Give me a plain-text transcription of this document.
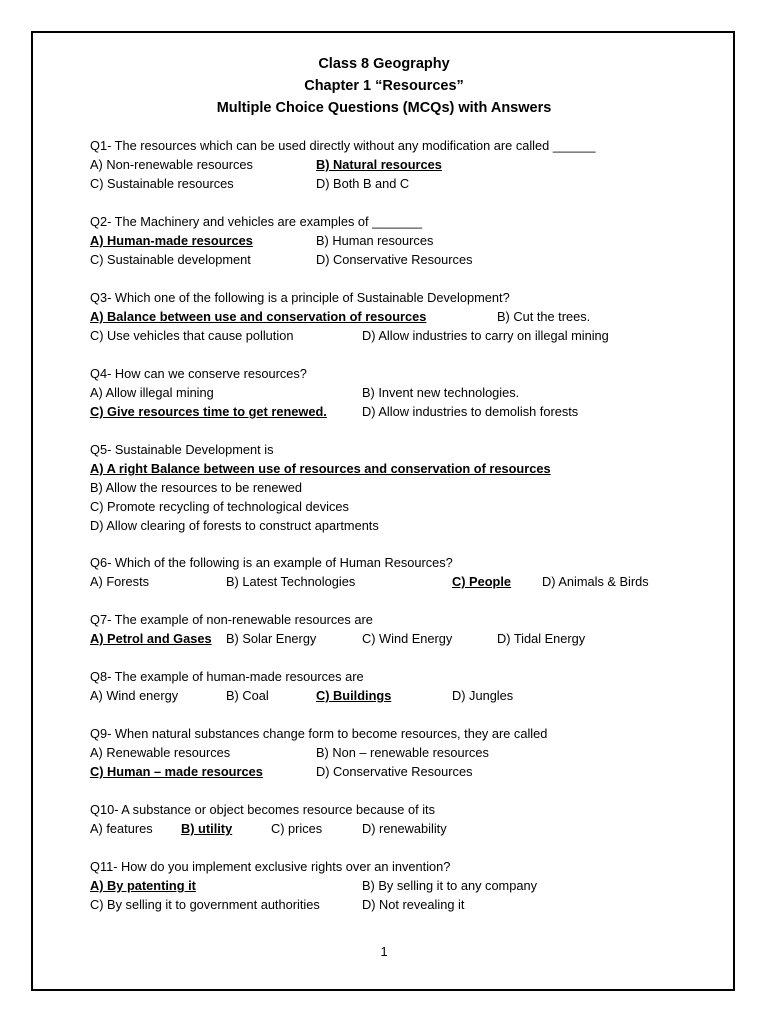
Class 8 Geography
Chapter 1 “Resources”
Multiple Choice Questions (MCQs) with Answers
Q1- The resources which can be used directly without any modification are called ______
A) Non-renewable resources	B) Natural resources
C) Sustainable resources	D) Both B and C
Q2- The Machinery and vehicles are examples of _______
A) Human-made resources	B) Human resources
C) Sustainable development	D) Conservative Resources
Q3- Which one of the following is a principle of Sustainable Development?
A) Balance between use and conservation of resources	B) Cut the trees.
C) Use vehicles that cause pollution	D) Allow industries to carry on illegal mining
Q4- How can we conserve resources?
A) Allow illegal mining	B) Invent new technologies.
C) Give resources time to get renewed.	D) Allow industries to demolish forests
Q5- Sustainable Development is
A) A right Balance between use of resources and conservation of resources
B) Allow the resources to be renewed
C) Promote recycling of technological devices
D) Allow clearing of forests to construct apartments
Q6- Which of the following is an example of Human Resources?
A) Forests	B) Latest Technologies	C) People D) Animals & Birds
Q7- The example of non-renewable resources are
A) Petrol and Gases B) Solar Energy	C) Wind Energy	D) Tidal Energy
Q8- The example of human-made resources are
A) Wind energy	B) Coal	C) Buildings	D) Jungles
Q9- When natural substances change form to become resources, they are called
A) Renewable resources	B) Non – renewable resources
C) Human – made resources	D) Conservative Resources
Q10- A substance or object becomes resource because of its
A) features B) utility	C) prices	D) renewability
Q11- How do you implement exclusive rights over an invention?
A) By patenting it	B) By selling it to any company
C) By selling it to government authorities	D) Not revealing it
1
